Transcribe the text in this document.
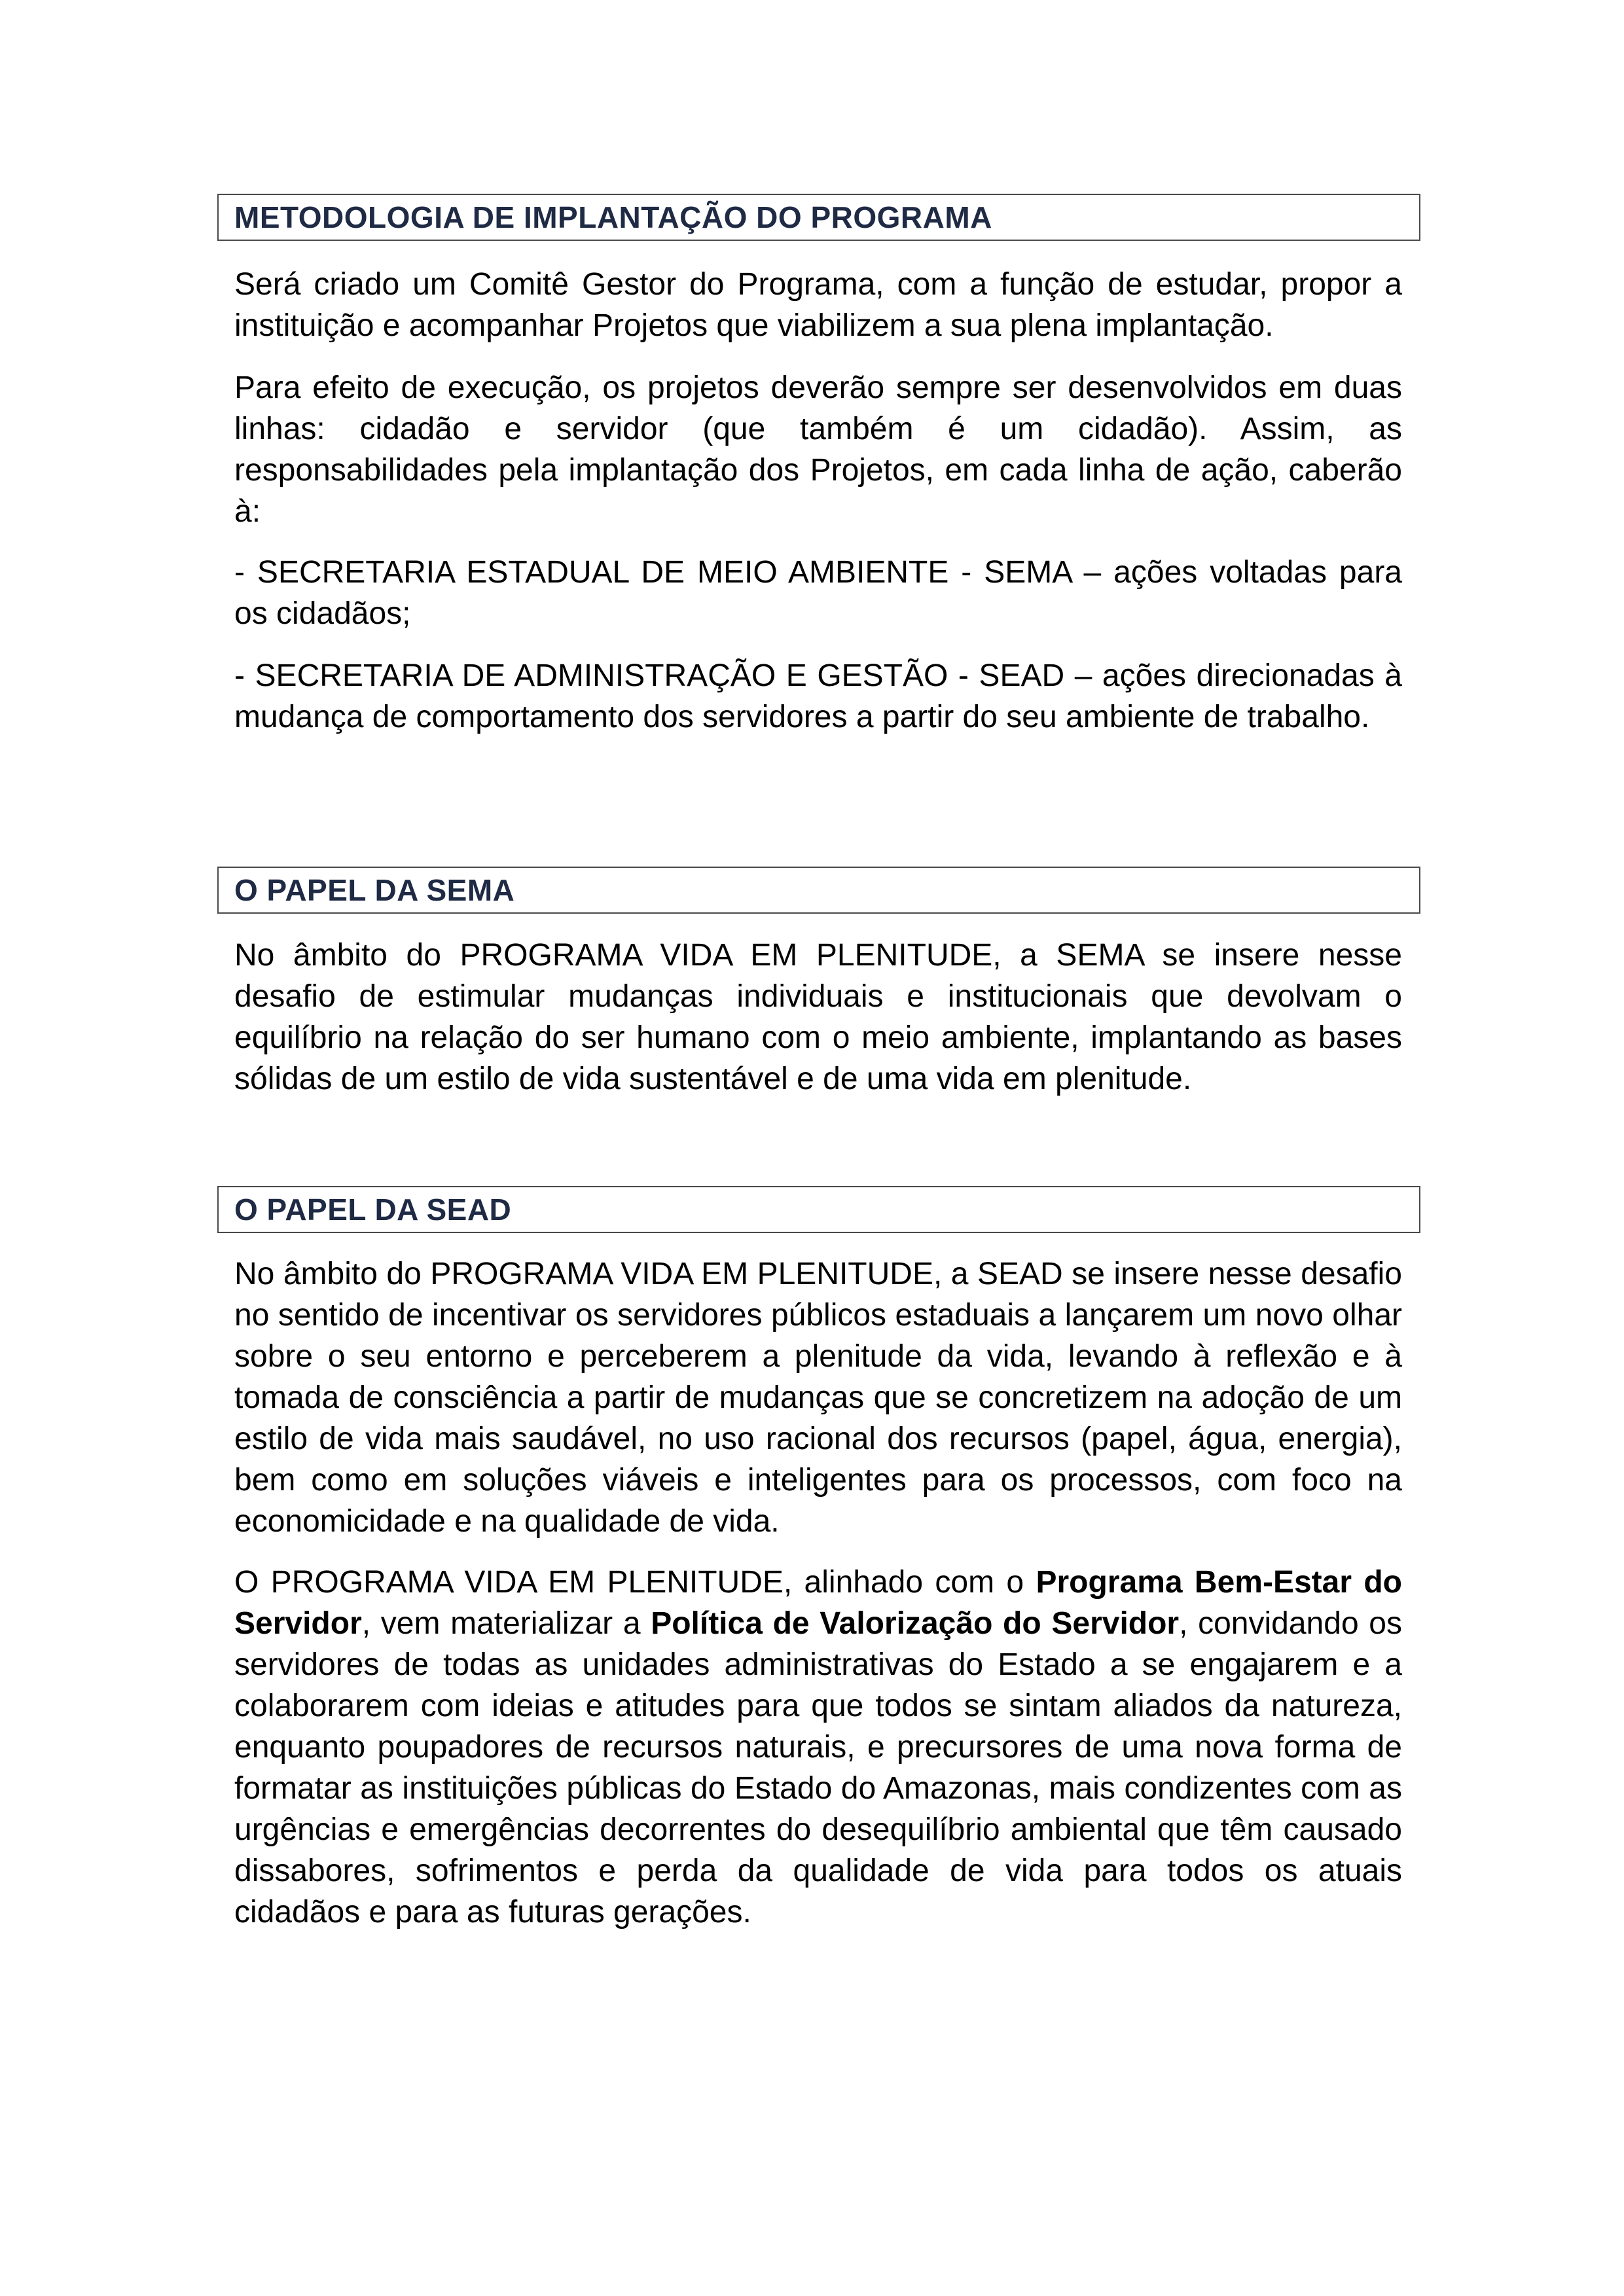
METODOLOGIA DE IMPLANTAÇÃO DO PROGRAMA

Será criado um Comitê Gestor do Programa, com a função de estudar, propor a instituição e acompanhar Projetos que viabilizem a sua plena implantação.

Para efeito de execução, os projetos deverão sempre ser desenvolvidos em duas linhas: cidadão e servidor (que também é um cidadão). Assim, as responsabilidades pela implantação dos Projetos, em cada linha de ação, caberão à:

- SECRETARIA ESTADUAL DE MEIO AMBIENTE - SEMA – ações voltadas para os cidadãos;

- SECRETARIA DE ADMINISTRAÇÃO E GESTÃO - SEAD – ações direcionadas à mudança de comportamento dos servidores a partir do seu ambiente de trabalho.

O PAPEL DA SEMA

No âmbito do PROGRAMA VIDA EM PLENITUDE, a SEMA se insere nesse desafio de estimular mudanças individuais e institucionais que devolvam o equilíbrio na relação do ser humano com o meio ambiente, implantando as bases sólidas de um estilo de vida sustentável e de uma vida em plenitude.

O PAPEL DA SEAD

No âmbito do PROGRAMA VIDA EM PLENITUDE, a SEAD se insere nesse desafio no sentido de incentivar os servidores públicos estaduais a lançarem um novo olhar sobre o seu entorno e perceberem a plenitude da vida, levando à reflexão e à tomada de consciência a partir de mudanças que se concretizem na adoção de um estilo de vida mais saudável, no uso racional dos recursos (papel, água, energia), bem como em soluções viáveis e inteligentes para os processos, com foco na economicidade e na qualidade de vida.

O PROGRAMA VIDA EM PLENITUDE, alinhado com o Programa Bem-Estar do Servidor, vem materializar a Política de Valorização do Servidor, convidando os servidores de todas as unidades administrativas do Estado a se engajarem e a colaborarem com ideias e atitudes para que todos se sintam aliados da natureza, enquanto poupadores de recursos naturais, e precursores de uma nova forma de formatar as instituições públicas do Estado do Amazonas, mais condizentes com as urgências e emergências decorrentes do desequilíbrio ambiental que têm causado dissabores, sofrimentos e perda da qualidade de vida para todos os atuais cidadãos e para as futuras gerações.
